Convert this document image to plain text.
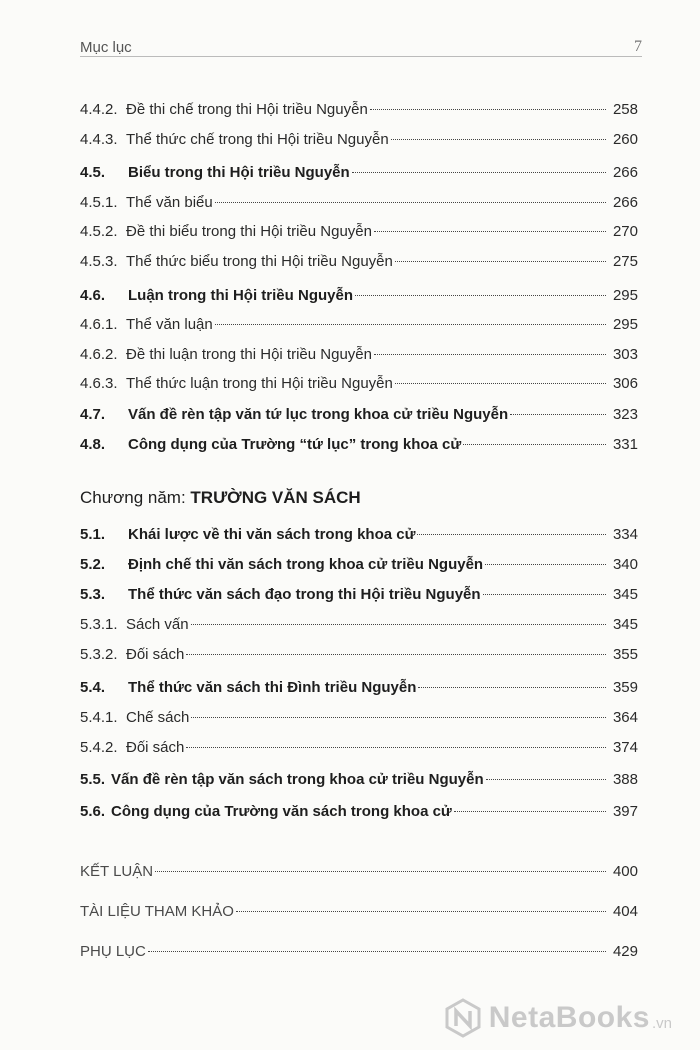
Mục lục	7
4.4.2. Đề thi chế trong thi Hội triều Nguyễn	258
4.4.3. Thể thức chế trong thi Hội triều Nguyễn	260
4.5.	Biểu trong thi Hội triều Nguyễn	266
4.5.1. Thể văn biểu	266
4.5.2. Đề thi biểu trong thi Hội triều Nguyễn	270
4.5.3. Thể thức biểu trong thi Hội triều Nguyễn	275
4.6.	Luận trong thi Hội triều Nguyễn	295
4.6.1. Thể văn luận	295
4.6.2. Đề thi luận trong thi Hội triều Nguyễn	303
4.6.3. Thể thức luận trong thi Hội triều Nguyễn	306
4.7.	Vấn đề rèn tập văn tứ lục trong khoa cử triều Nguyễn	323
4.8.	Công dụng của Trường “tứ lục” trong khoa cử	331
5.1.	Khái lược về thi văn sách trong khoa cử	334
5.2.	Định chế thi văn sách trong khoa cử triều Nguyễn	340
5.3.	Thể thức văn sách đạo trong thi Hội triều Nguyễn	345
5.3.1. Sách vấn	345
5.3.2. Đối sách	355
5.4.	Thể thức văn sách thi Đình triều Nguyễn	359
5.4.1. Chế sách	364
5.4.2. Đối sách	374
5.5. Vấn đề rèn tập văn sách trong khoa cử triều Nguyễn	388
5.6. Công dụng của Trường văn sách trong khoa cử	397
KẾT LUẬN	400
TÀI LIỆU THAM KHẢO	404
PHỤ LỤC	429
Chương năm: TRƯỜNG VĂN SÁCH
NetaBooks .vn
